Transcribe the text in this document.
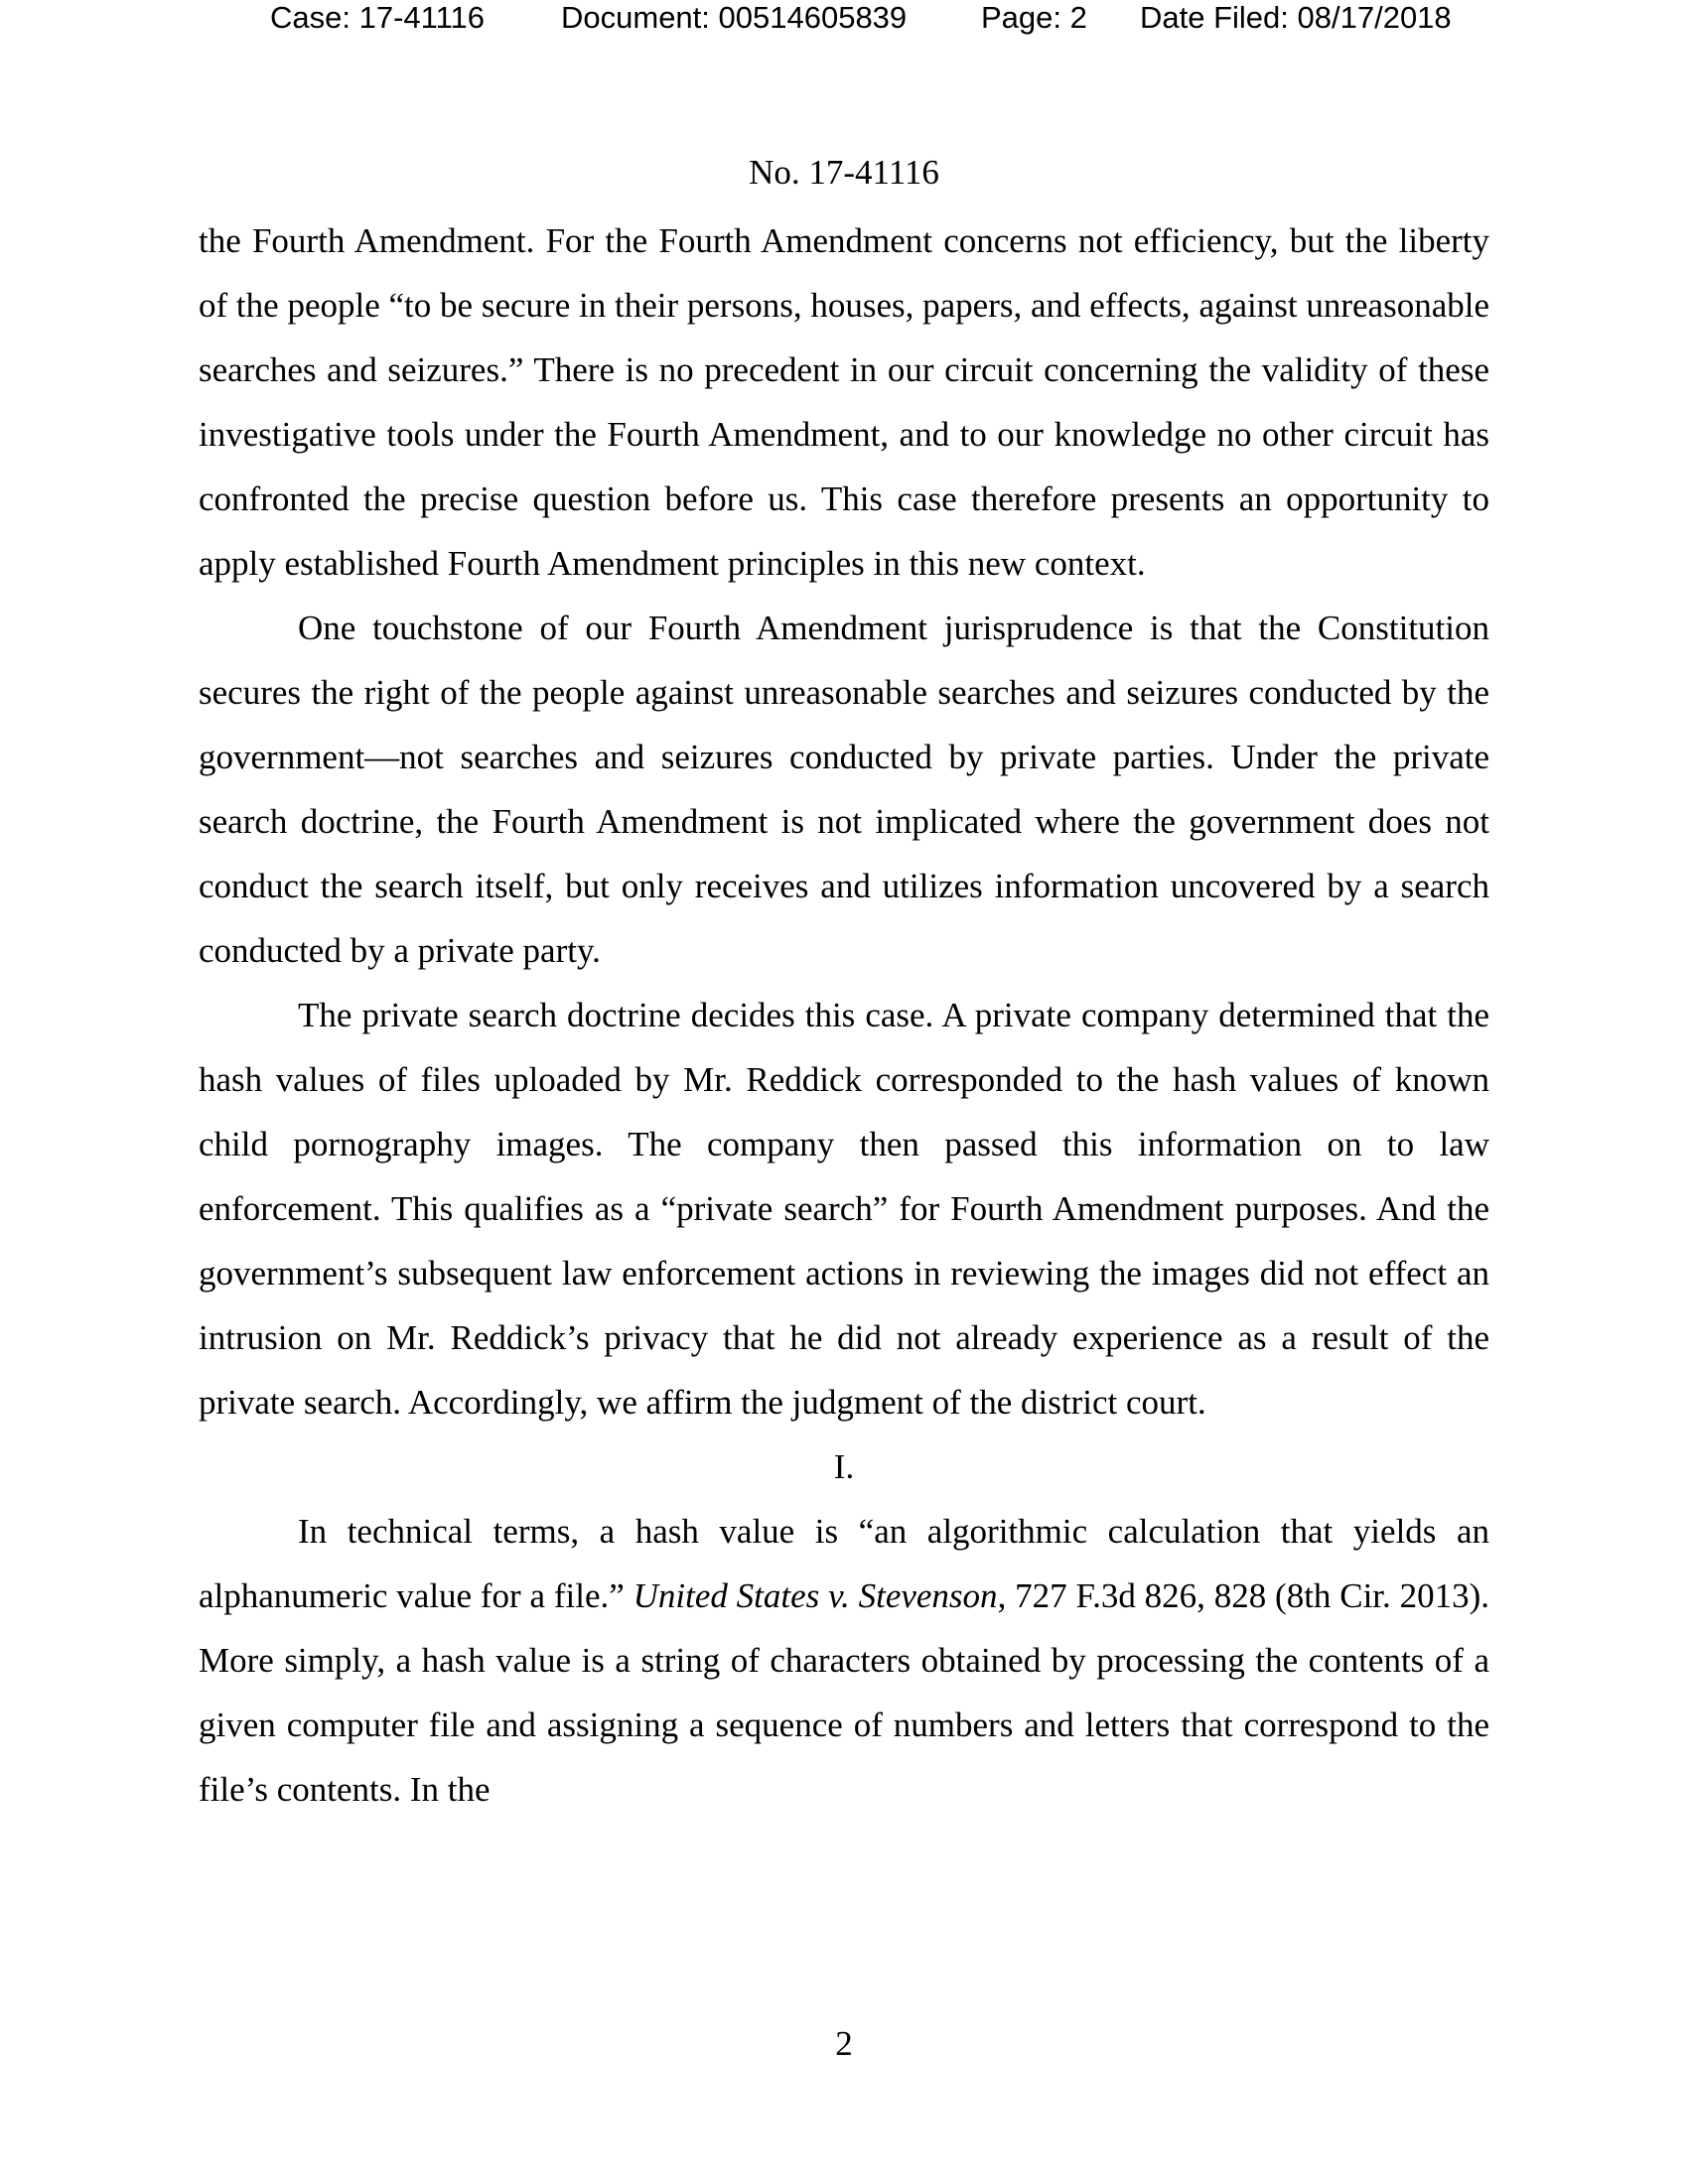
Case: 17-41116 Document: 00514605839 Page: 2 Date Filed: 08/17/2018
No. 17-41116

the Fourth Amendment. For the Fourth Amendment concerns not efficiency, but the liberty of the people “to be secure in their persons, houses, papers, and effects, against unreasonable searches and seizures.” There is no precedent in our circuit concerning the validity of these investigative tools under the Fourth Amendment, and to our knowledge no other circuit has confronted the precise question before us. This case therefore presents an opportunity to apply established Fourth Amendment principles in this new context.

One touchstone of our Fourth Amendment jurisprudence is that the Constitution secures the right of the people against unreasonable searches and seizures conducted by the government—not searches and seizures conducted by private parties. Under the private search doctrine, the Fourth Amendment is not implicated where the government does not conduct the search itself, but only receives and utilizes information uncovered by a search conducted by a private party.

The private search doctrine decides this case. A private company determined that the hash values of files uploaded by Mr. Reddick corresponded to the hash values of known child pornography images. The company then passed this information on to law enforcement. This qualifies as a “private search” for Fourth Amendment purposes. And the government’s subsequent law enforcement actions in reviewing the images did not effect an intrusion on Mr. Reddick’s privacy that he did not already experience as a result of the private search. Accordingly, we affirm the judgment of the district court.

I.

In technical terms, a hash value is “an algorithmic calculation that yields an alphanumeric value for a file.” United States v. Stevenson, 727 F.3d 826, 828 (8th Cir. 2013). More simply, a hash value is a string of characters obtained by processing the contents of a given computer file and assigning a sequence of numbers and letters that correspond to the file’s contents. In the

2
